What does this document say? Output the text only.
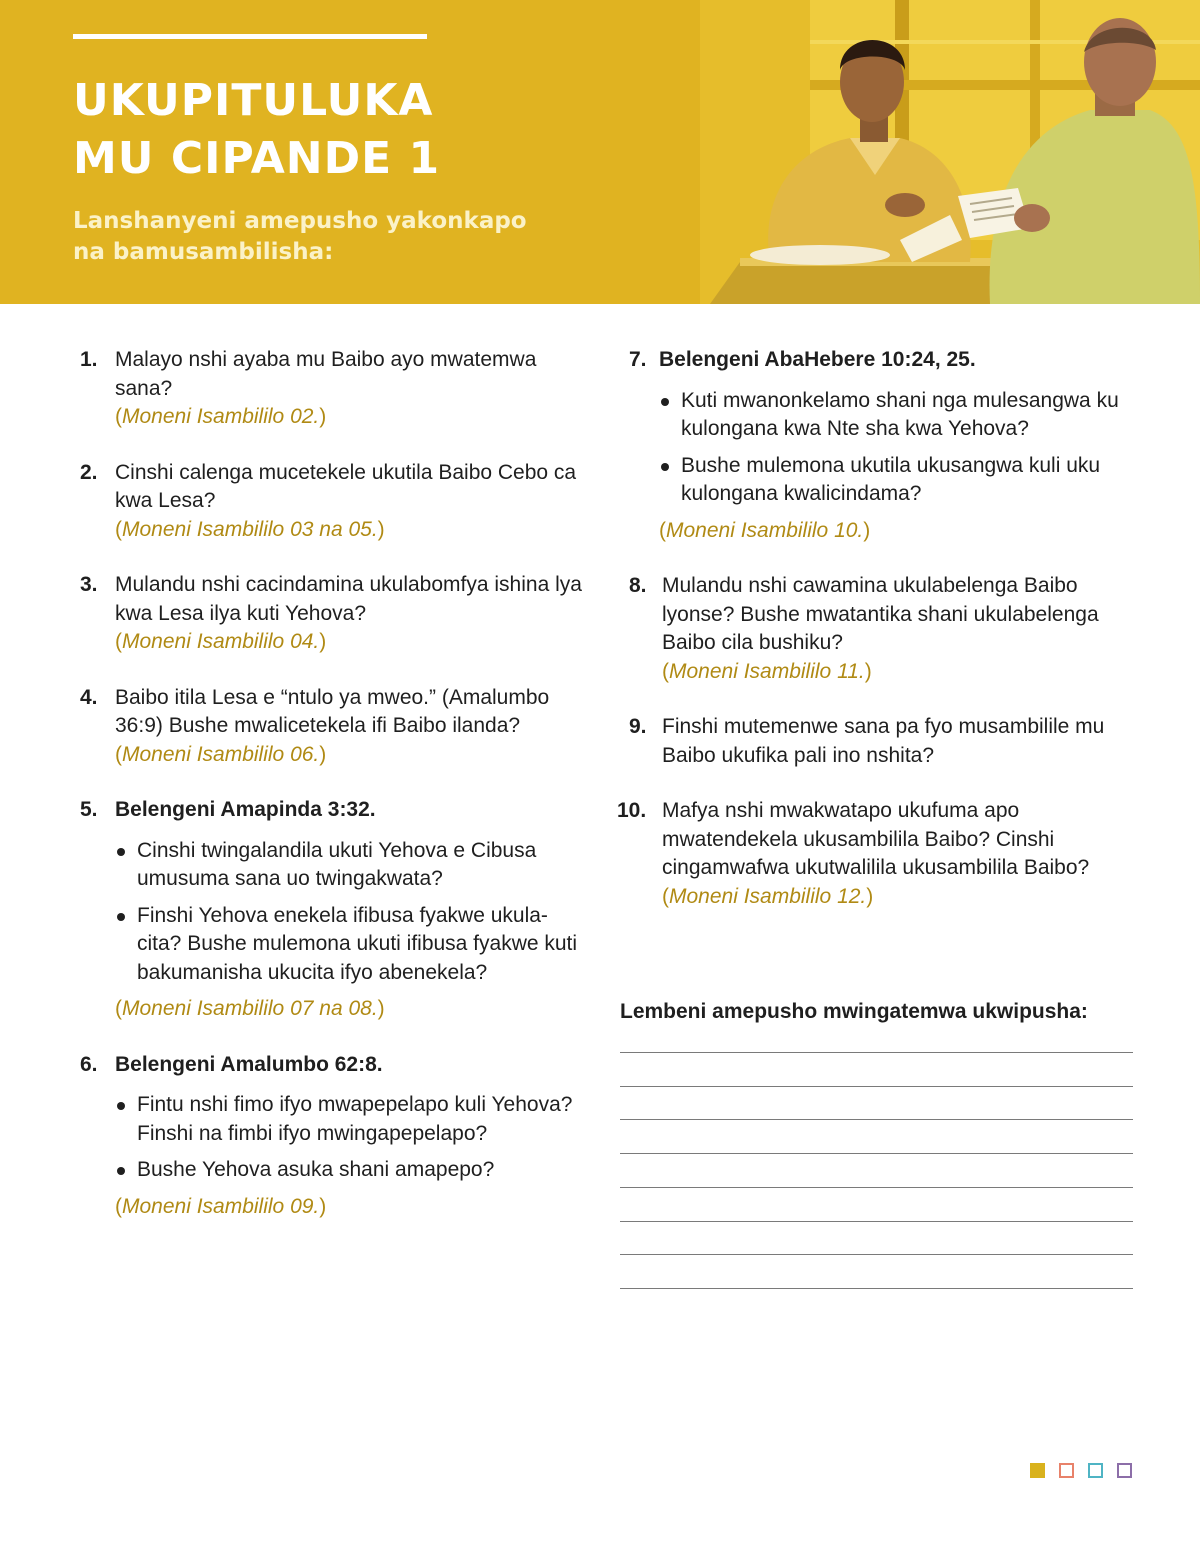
UKUPITULUKA
MU CIPANDE 1
Lanshanyeni amepusho yakonkapo na bamusambilisha:
1. Malayo nshi ayaba mu Baibo ayo mwatemwa sana?
(Moneni Isambililo 02.)
2. Cinshi calenga mucetekele ukutila Baibo Cebo ca kwa Lesa?
(Moneni Isambililo 03 na 05.)
3. Mulandu nshi cacindamina ukulabomfya ishina lya kwa Lesa ilya kuti Yehova?
(Moneni Isambililo 04.)
4. Baibo itila Lesa e “ntulo ya mweo.” (Amalumbo 36:9) Bushe mwalicetekela ifi Baibo ilanda?
(Moneni Isambililo 06.)
5. Belengeni Amapinda 3:32.
Cinshi twingalandila ukuti Yehova e Cibusa umusuma sana uo twingakwata?
Finshi Yehova enekela ifibusa fyakwe ukula-cita? Bushe mulemona ukuti ifibusa fyakwe kuti bakumanisha ukucita ifyo abenekela?
(Moneni Isambililo 07 na 08.)
6. Belengeni Amalumbo 62:8.
Fintu nshi fimo ifyo mwapepelapo kuli Yehova? Finshi na fimbi ifyo mwingapepelapo?
Bushe Yehova asuka shani amapepo?
(Moneni Isambililo 09.)
7. Belengeni AbaHebere 10:24, 25.
Kuti mwanonkelamo shani nga mulesangwa ku kulongana kwa Nte sha kwa Yehova?
Bushe mulemona ukutila ukusangwa kuli uku kulongana kwalicindama?
(Moneni Isambililo 10.)
8. Mulandu nshi cawamina ukulabelenga Baibo lyonse? Bushe mwatantika shani ukulabelenga Baibo cila bushiku?
(Moneni Isambililo 11.)
9. Finshi mutemenwe sana pa fyo musambilile mu Baibo ukufika pali ino nshita?
10. Mafya nshi mwakwatapo ukufuma apo mwatendekela ukusambilila Baibo? Cinshi cingamwafwa ukutwalilila ukusambilila Baibo?
(Moneni Isambililo 12.)
Lembeni amepusho mwingatemwa ukwipusha:
